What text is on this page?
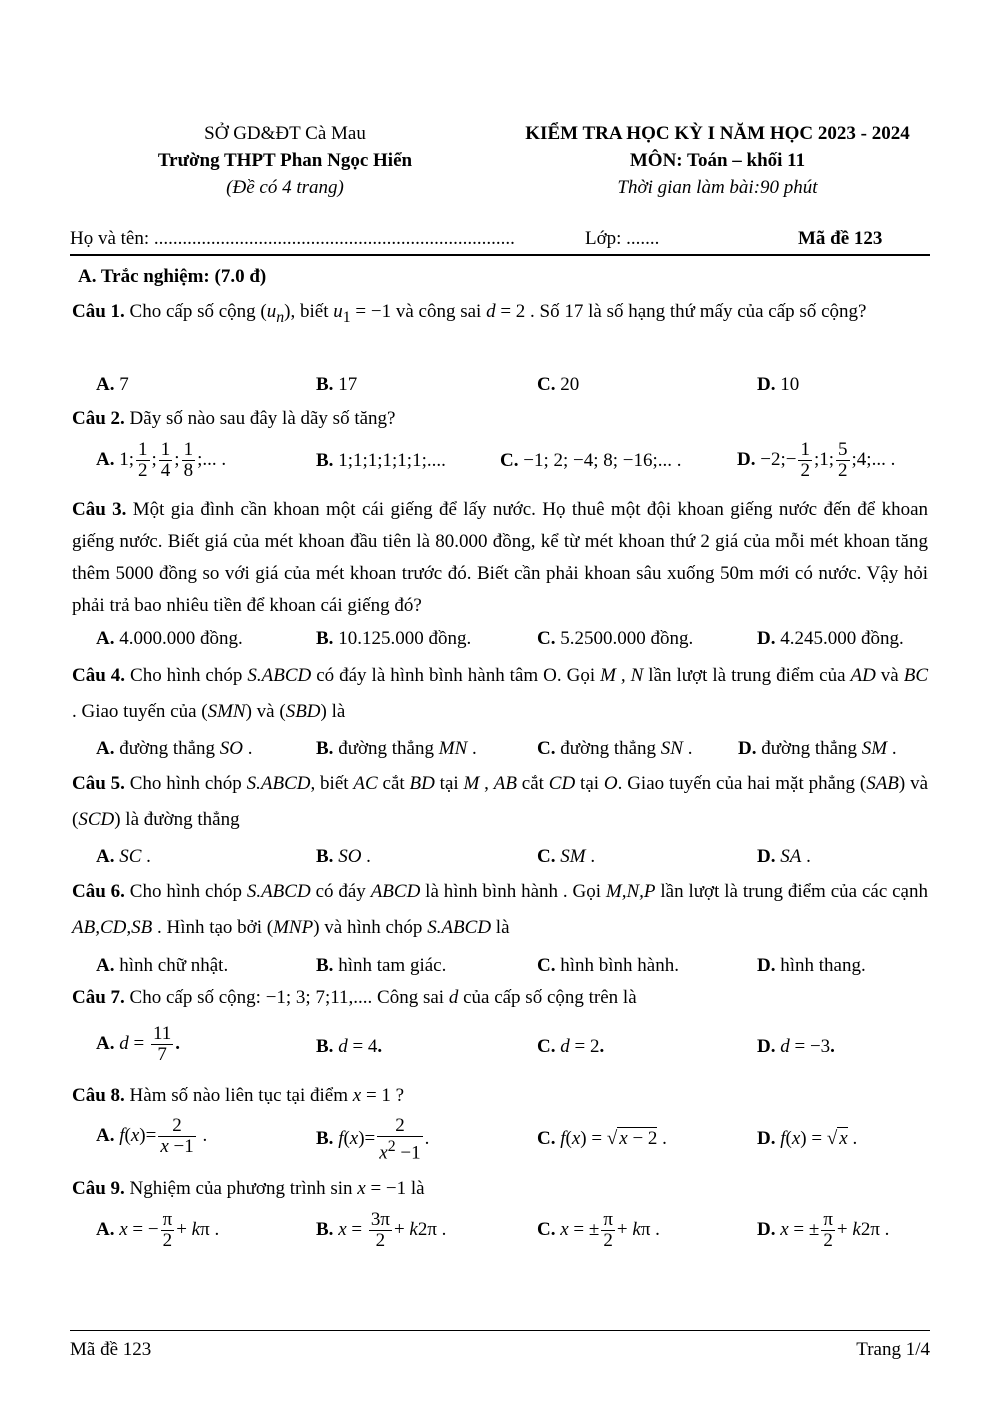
SỞ GD&ĐT Cà Mau
Trường THPT Phan Ngọc Hiển
(Đề có 4 trang)
KIỂM TRA HỌC KỲ I NĂM HỌC 2023 - 2024
MÔN: Toán – khối 11
Thời gian làm bài:90 phút
Họ và tên: ............................................................................	Lớp: .......	Mã đề 123
A. Trắc nghiệm: (7.0 đ)
Câu 1. Cho cấp số cộng $(u_n)$, biết $u_1 = -1$ và công sai d = 2 . Số 17 là số hạng thứ mấy của cấp số cộng?
A. 7	B. 17	C. 20	D. 10
Câu 2. Dãy số nào sau đây là dãy số tăng?
A. 1; $\frac{1}{2}$ ; $\frac{1}{4}$ ; $\frac{1}{8}$ ;... .	B. 1;1;1;1;1;1;....	C. −1; 2; −4; 8; −16;... .	D. −2;− $\frac{1}{2}$ ;1; $\frac{5}{2}$ ;4;... .
Câu 3. Một gia đình cần khoan một cái giếng để lấy nước. Họ thuê một đội khoan giếng nước đến để khoan giếng nước. Biết giá của mét khoan đầu tiên là 80.000 đồng, kể từ mét khoan thứ 2 giá của mỗi mét khoan tăng thêm 5000 đồng so với giá của mét khoan trước đó. Biết cần phải khoan sâu xuống 50m mới có nước. Vậy hỏi phải trả bao nhiêu tiền để khoan cái giếng đó?
A. 4.000.000 đồng.	B. 10.125.000 đồng.	C. 5.2500.000 đồng.	D. 4.245.000 đồng.
Câu 4. Cho hình chóp S.ABCD có đáy là hình bình hành tâm O. Gọi M , N lần lượt là trung điểm của AD và BC . Giao tuyến của (SMN) và (SBD) là
A. đường thẳng SO .	B. đường thẳng MN .	C. đường thẳng SN . D. đường thẳng SM .
Câu 5. Cho hình chóp S.ABCD, biết AC cắt BD tại M , AB cắt CD tại O. Giao tuyến của hai mặt phẳng (SAB) và (SCD) là đường thẳng
A. SC .	B. SO .	C. SM .	D. SA .
Câu 6. Cho hình chóp S.ABCD có đáy ABCD là hình bình hành . Gọi M,N,P lần lượt là trung điểm của các cạnh AB,CD,SB . Hình tạo bởi (MNP) và hình chóp S.ABCD là
A. hình chữ nhật.	B. hình tam giác.	C. hình bình hành.	D. hình thang.
Câu 7. Cho cấp số cộng: −1; 3; 7;11,.... Công sai d của cấp số cộng trên là
A. $d = \frac{11}{7}$ .	B. d = 4.	C. d = 2.	D. d = −3.
Câu 8. Hàm số nào liên tục tại điểm x = 1 ?
A. $f(x)= \frac{2}{x -1}$ .	B. $f(x)= \frac{2}{x^2 -1}$ .	C. f(x) = √ x − 2 .	D. f(x) = √ x .
Câu 9. Nghiệm của phương trình sin x = −1 là
A. x = − $\frac{\pi}{2} + k\pi$ .	B. $x = \frac{3\pi}{2} + k2\pi$ .	C. x = ± $\frac{\pi}{2} + k\pi$ .	D. x = ± $\frac{\pi}{2} + k2\pi$ .
Mã đề 123	Trang 1/4
